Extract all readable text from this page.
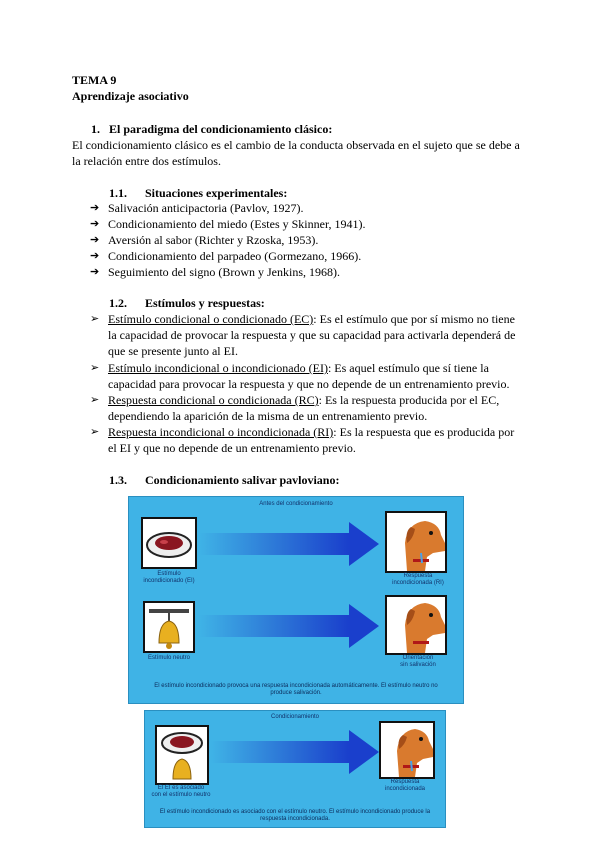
TEMA 9
Aprendizaje asociativo
1. El paradigma del condicionamiento clásico:
El condicionamiento clásico es el cambio de la conducta observada en el sujeto que se debe a
la relación entre dos estímulos.
1.1. Situaciones experimentales:
➔ Salivación anticipactoria (Pavlov, 1927).
➔ Condicionamiento del miedo (Estes y Skinner, 1941).
➔ Aversión al sabor (Richter y Rzoska, 1953).
➔ Condicionamiento del parpadeo (Gormezano, 1966).
➔ Seguimiento del signo (Brown y Jenkins, 1968).
1.2. Estímulos y respuestas:
➢ Estímulo condicional o condicionado (EC): Es el estímulo que por sí mismo no tiene
la capacidad de provocar la respuesta y que su capacidad para activarla dependerá de
que se presente junto al EI.
➢ Estímulo incondicional o incondicionado (EI): Es aquel estímulo que sí tiene la
capacidad para provocar la respuesta y que no depende de un entrenamiento previo.
➢ Respuesta condicional o condicionada (RC): Es la respuesta producida por el EC,
dependiendo la aparición de la misma de un entrenamiento previo.
➢ Respuesta incondicional o incondicionada (RI): Es la respuesta que es producida por
el EI y que no depende de un entrenamiento previo.
1.3. Condicionamiento salivar pavloviano:
Antes del condicionamiento
Estímulo
incondicionado (EI)
Respuesta
incondicionada (RI)
Estímulo neutro	Orientación
sin salivación
El estímulo incondicionado provoca una respuesta incondicionada automáticamente. El estímulo neutro no
produce salivación.
Condicionamiento
El EI es asociado
con el estímulo neutro
Respuesta
incondicionada
El estímulo incondicionado es asociado con el estímulo neutro. El estímulo incondicionado produce la
respuesta incondicionada.
